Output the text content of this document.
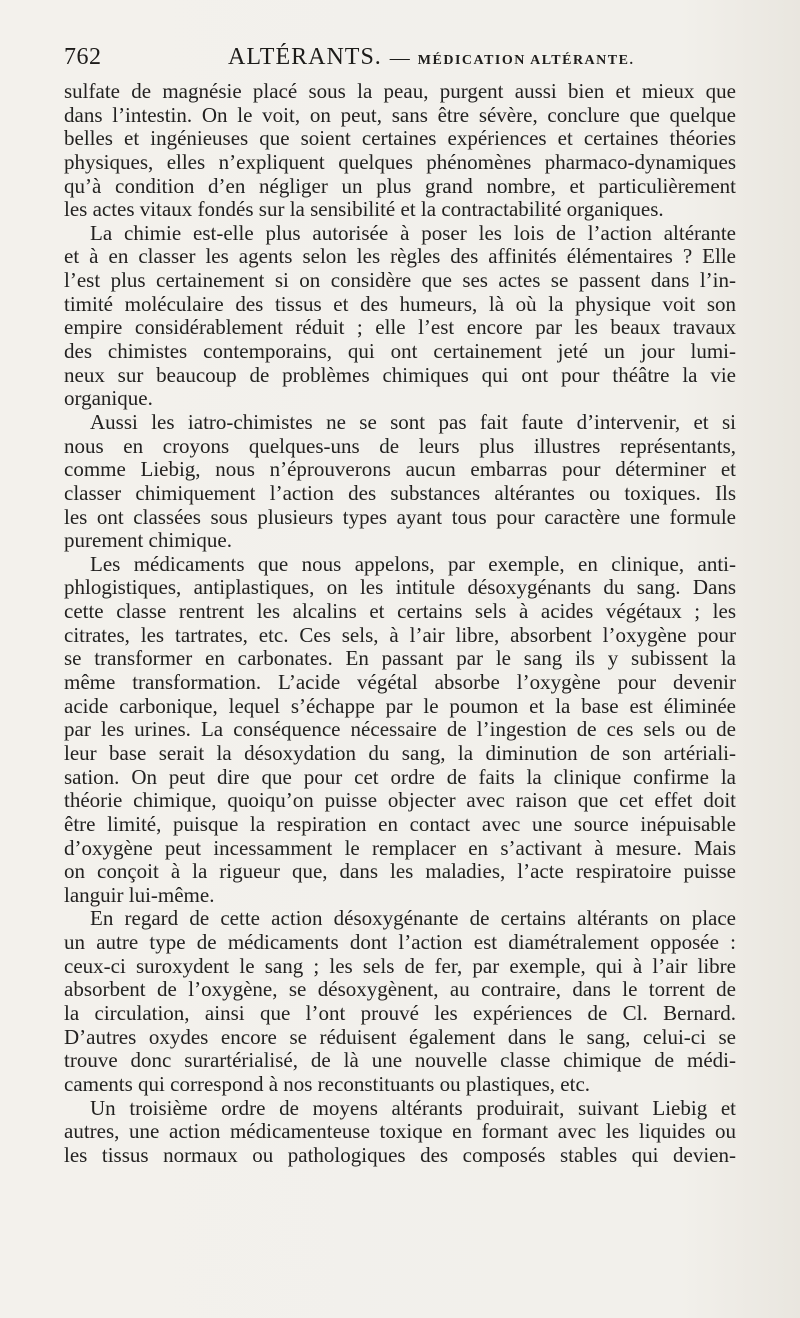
762	ALTÉRANTS. — MÉDICATION ALTÉRANTE.
sulfate de magnésie placé sous la peau, purgent aussi bien et mieux que
dans l’intestin. On le voit, on peut, sans être sévère, conclure que quelque
belles et ingénieuses que soient certaines expériences et certaines théories
physiques, elles n’expliquent quelques phénomènes pharmaco-dynamiques
qu’à condition d’en négliger un plus grand nombre, et particulièrement
les actes vitaux fondés sur la sensibilité et la contractabilité organiques.
La chimie est-elle plus autorisée à poser les lois de l’action altérante
et à en classer les agents selon les règles des affinités élémentaires ? Elle
l’est plus certainement si on considère que ses actes se passent dans l’in-
timité moléculaire des tissus et des humeurs, là où la physique voit son
empire considérablement réduit ; elle l’est encore par les beaux travaux
des chimistes contemporains, qui ont certainement jeté un jour lumi-
neux sur beaucoup de problèmes chimiques qui ont pour théâtre la vie
organique.
Aussi les iatro-chimistes ne se sont pas fait faute d’intervenir, et si
nous en croyons quelques-uns de leurs plus illustres représentants,
comme Liebig, nous n’éprouverons aucun embarras pour déterminer et
classer chimiquement l’action des substances altérantes ou toxiques. Ils
les ont classées sous plusieurs types ayant tous pour caractère une formule
purement chimique.
Les médicaments que nous appelons, par exemple, en clinique, anti-
phlogistiques, antiplastiques, on les intitule désoxygénants du sang. Dans
cette classe rentrent les alcalins et certains sels à acides végétaux ; les
citrates, les tartrates, etc. Ces sels, à l’air libre, absorbent l’oxygène pour
se transformer en carbonates. En passant par le sang ils y subissent la
même transformation. L’acide végétal absorbe l’oxygène pour devenir
acide carbonique, lequel s’échappe par le poumon et la base est éliminée
par les urines. La conséquence nécessaire de l’ingestion de ces sels ou de
leur base serait la désoxydation du sang, la diminution de son artériali-
sation. On peut dire que pour cet ordre de faits la clinique confirme la
théorie chimique, quoiqu’on puisse objecter avec raison que cet effet doit
être limité, puisque la respiration en contact avec une source inépuisable
d’oxygène peut incessamment le remplacer en s’activant à mesure. Mais
on conçoit à la rigueur que, dans les maladies, l’acte respiratoire puisse
languir lui-même.
En regard de cette action désoxygénante de certains altérants on place
un autre type de médicaments dont l’action est diamétralement opposée :
ceux-ci suroxydent le sang ; les sels de fer, par exemple, qui à l’air libre
absorbent de l’oxygène, se désoxygènent, au contraire, dans le torrent de
la circulation, ainsi que l’ont prouvé les expériences de Cl. Bernard.
D’autres oxydes encore se réduisent également dans le sang, celui-ci se
trouve donc surartérialisé, de là une nouvelle classe chimique de médi-
caments qui correspond à nos reconstituants ou plastiques, etc.
Un troisième ordre de moyens altérants produirait, suivant Liebig et
autres, une action médicamenteuse toxique en formant avec les liquides ou
les tissus normaux ou pathologiques des composés stables qui devien-
